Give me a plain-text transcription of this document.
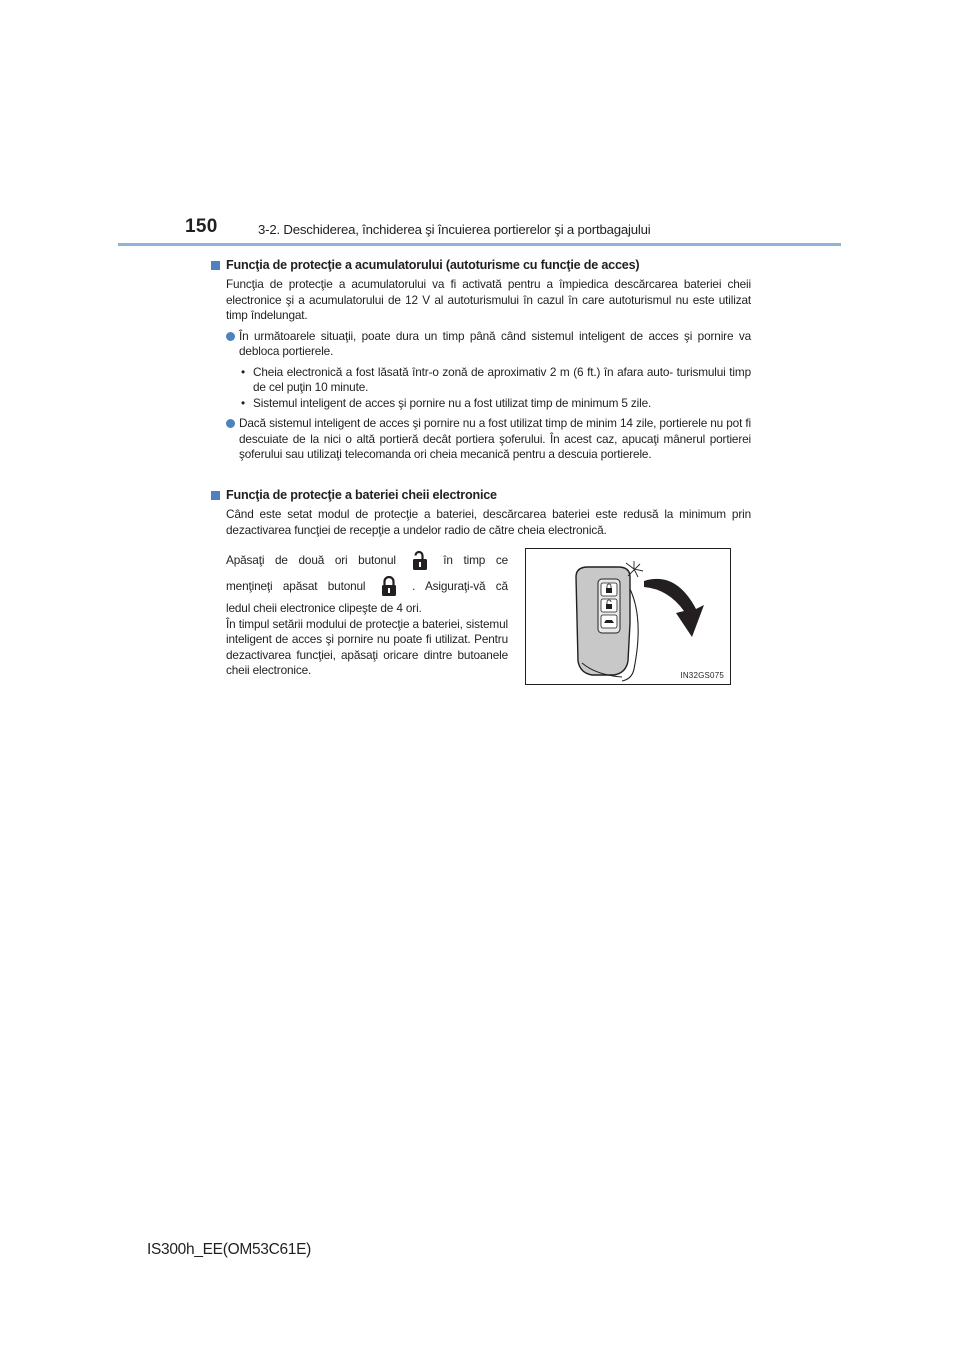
150	3-2. Deschiderea, închiderea şi încuierea portierelor şi a portbagajului
Funcţia de protecţie a acumulatorului (autoturisme cu funcţie de acces)
Funcţia de protecţie a acumulatorului va fi activată pentru a împiedica descărcarea bateriei cheii electronice şi a acumulatorului de 12 V al autoturismului în cazul în care autoturismul nu este utilizat timp îndelungat.
În următoarele situaţii, poate dura un timp până când sistemul inteligent de acces şi pornire va debloca portierele.
• Cheia electronică a fost lăsată într-o zonă de aproximativ 2 m (6 ft.) în afara auto- turismului timp de cel puţin 10 minute.
• Sistemul inteligent de acces şi pornire nu a fost utilizat timp de minimum 5 zile.
Dacă sistemul inteligent de acces şi pornire nu a fost utilizat timp de minim 14 zile, portierele nu pot fi descuiate de la nici o altă portieră decât portiera şoferului. În acest caz, apucaţi mânerul portierei şoferului sau utilizaţi telecomanda ori cheia mecanică pentru a descuia portierele.
Funcţia de protecţie a bateriei cheii electronice
Când este setat modul de protecţie a bateriei, descărcarea bateriei este redusă la minimum prin dezactivarea funcţiei de recepţie a undelor radio de către cheia electronică.
Apăsaţi de două ori butonul	în timp ce
menţineţi apăsat butonul	. Asiguraţi-vă că
ledul cheii electronice clipeşte de 4 ori.
În timpul setării modului de protecţie a bateriei, sistemul inteligent de acces şi pornire nu poate fi utilizat. Pentru dezactivarea funcţiei, apăsaţi oricare dintre butoanele cheii electronice.	IN32GS075
IS300h_EE(OM53C61E)
